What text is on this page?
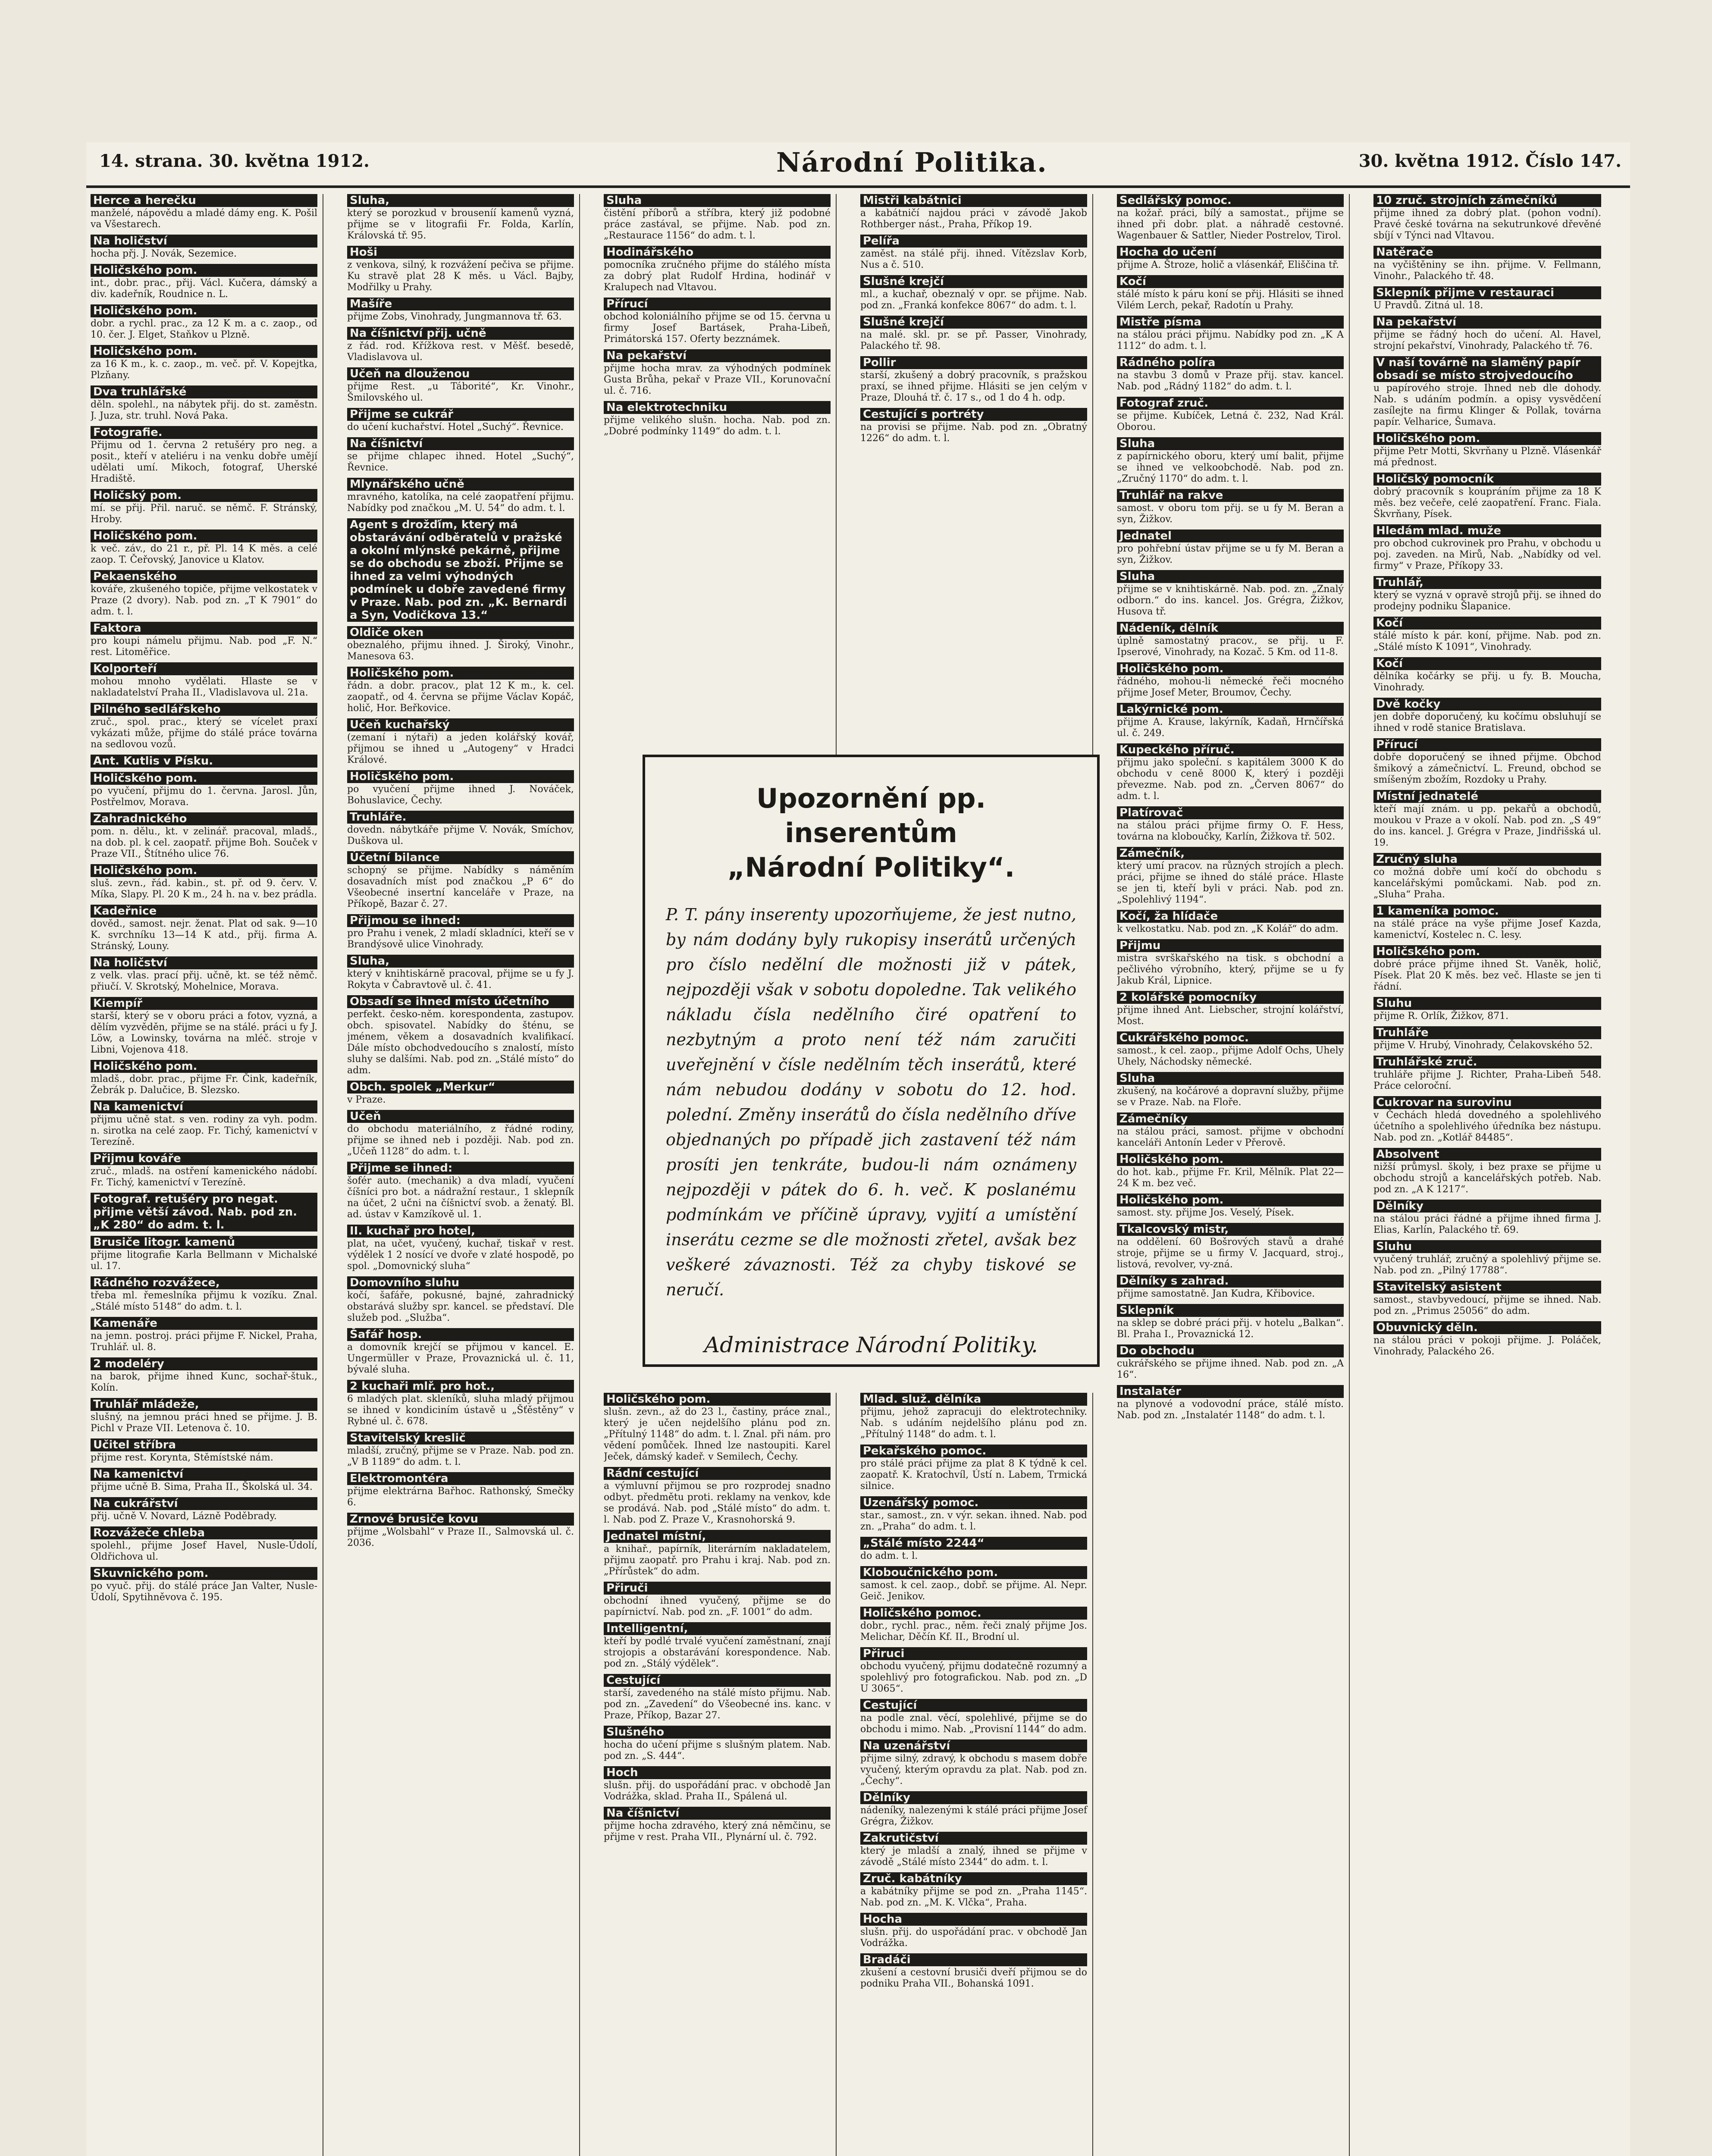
14. strana. 30. května 1912.	Národní Politika.	30. května 1912. Číslo 147.
Herce a herečku
manželé, nápovědu a mladé dámy eng. K. Pošil va Všestarech.
Na holičství
hocha přj. J. Novák, Sezemice.
Holičského pom.
int., dobr. prac., přij. Václ. Kučera, dámský a div. kadeřník, Roudnice n. L.
Holičského pom.
dobr. a rychl. prac., za 12 K m. a c. zaop., od 10. čer. J. Elget, Staňkov u Plzně.
Holičského pom.
za 16 K m., k. c. zaop., m. več. př. V. Kopejtka, Plzňany.
Dva truhlářské
děln. spolehl., na nábytek přij. do st. zaměstn. J. Juza, str. truhl. Nová Paka.
Fotografie.
Přijmu od 1. června 2 retušéry pro neg. a posit., kteří v ateliéru i na venku dobře umějí udělati umí. Mikoch, fotograf, Uherské Hradiště.
Holičský pom.
mí. se přij. Přil. naruč. se němč. F. Stránský, Hroby.
Holičského pom.
k več. záv., do 21 r., př. Pl. 14 K měs. a celé zaop. T. Čeřovský, Janovice u Klatov.
Pekaenského
kováře, zkušeného topiče, přijme velkostatek v Praze (2 dvory). Nab. pod zn. „T K 7901“ do adm. t. l.
Faktora
pro koupi námelu přijmu. Nab. pod „F. N.“ rest. Litoměřice.
Kolporteří
mohou mnoho vydělati. Hlaste se v nakladatelství Praha II., Vladislavova ul. 21a.
Pilného sedlářskeho
zruč., spol. prac., který se vícelet praxí vykázati může, přijme do stálé práce továrna na sedlovou vozů.
Ant. Kutlis v Písku.
Holičského pom.
po vyučení, přijmu do 1. června. Jarosl. Jůn, Postřelmov, Morava.
Zahradnického
pom. n. dělu., kt. v zelinář. pracoval, mladš., na dob. pl. k cel. zaopatř. přijme Boh. Souček v Praze VII., Štítného ulice 76.
Holičského pom.
sluš. zevn., řád. kabin., st. př. od 9. červ. V. Míka, Slapy. Pl. 20 K m., 24 h. na v. bez prádla.
Kadeřnice
dověd., samost. nejr. ženat. Plat od sak. 9—10 K. svrchníku 13—14 K atd., přij. firma A. Stránský, Louny.
Na holičství
z velk. vlas. prací přij. učně, kt. se též němč. přiučí. V. Skrotský, Mohelnice, Morava.
Kiempíř
starší, který se v oboru práci a fotov, vyzná, a dělím vyzvěděn, přijme se na stálé. práci u fy J. Löw, a Lowinsky, továrna na mléč. stroje v Libni, Vojenova 418.
Holičského pom.
mladš., dobr. prac., přijme Fr. Čink, kadeřník, Žebrák p. Dalučice, B. Slezsko.
Na kamenictví
přijmu učně stat. s ven. rodiny za vyh. podm. n. sirotka na celé zaop. Fr. Tichý, kamenictví v Terezíně.
Přijmu kováře
zruč., mladš. na ostření kamenického nádobí. Fr. Tichý, kamenictví v Terezíně.
Fotograf. retušéry pro negat. přijme větší závod. Nab. pod zn. „K 280“ do adm. t. l.
Brusiče litogr. kamenů
přijme litografie Karla Bellmann v Michalské ul. 17.
Rádného rozvážece,
třeba ml. řemeslníka přijmu k vozíku. Znal. „Stálé místo 5148“ do adm. t. l.
Kamenáře
na jemn. postroj. práci přijme F. Nickel, Praha, Truhlář. ul. 8.
2 modeléry
na barok, přijme ihned Kunc, sochař-štuk., Kolín.
Truhlář mládeže,
slušný, na jemnou práci hned se přijme. J. B. Pichl v Praze VII. Letenova č. 10.
Učitel stříbra
přijme rest. Korynta, Stěmístské nám.
Na kamenictví
přijme učně B. Sima, Praha II., Školská ul. 34.
Na cukrářství
přij. učně V. Novard, Lázně Poděbrady.
Rozvážeče chleba
spolehl., přijme Josef Havel, Nusle-Údolí, Oldřichova ul.
Skuvnického pom.
po vyuč. přij. do stálé práce Jan Valter, Nusle-Údolí, Spytihněvova č. 195.
Sluha,
který se porozkud v brouseníí kamenů vyzná, přijme se v litografii Fr. Folda, Karlín, Královská tř. 95.
Hoši
z venkova, silný, k rozvážení pečiva se přijme. Ku stravě plat 28 K měs. u Václ. Bajby, Modřilky u Prahy.
Mašíře
přijme Zobs, Vinohrady, Jungmannova tř. 63.
Na číšnictví přij. učně
z řád. rod. Křížkova rest. v Měšť. besedě, Vladislavova ul.
Učeň na dlouženou
přijme Rest. „u Táborité“, Kr. Vinohr., Šmilovského ul.
Přijme se cukrář
do učení kuchařství. Hotel „Suchý“. Řevnice.
Na číšnictví
se přijme chlapec ihned. Hotel „Suchý“, Řevnice.
Mlynářského učně
mravného, katolíka, na celé zaopatření přijmu. Nabídky pod značkou „M. U. 54“ do adm. t. l.
Agent s drožďím, který má obstarávání odběratelů v pražské a okolní mlýnské pekárně, přijme se do obchodu se zboží. Přijme se ihned za velmi výhodných podmínek u dobře zavedené firmy v Praze. Nab. pod zn. „K. Bernardi a Syn, Vodičkova 13.“
Oldiče oken
obeznalého, přijmu ihned. J. Široký, Vinohr., Manesova 63.
Holičského pom.
řádn. a dobr. pracov., plat 12 K m., k. cel. zaopatř., od 4. června se přijme Václav Kopáč, holič, Hor. Beřkovice.
Učeň kuchařský
(zemaní i nýtaři) a jeden kolářský kovář, přijmou se ihned u „Autogeny“ v Hradci Králové.
Holičského pom.
po vyučení přijme ihned J. Nováček, Bohuslavice, Čechy.
Truhláře.
dovedn. nábytkáře přijme V. Novák, Smíchov, Duškova ul.
Účetní bilance
schopný se přijme. Nabídky s náměním dosavadních míst pod značkou „P 6“ do Všeobecné insertní kanceláře v Praze, na Příkopě, Bazar č. 27.
Přijmou se ihned:
pro Prahu i venek, 2 mladí skladníci, kteří se v Brandýsově ulice Vinohrady.
Sluha,
který v knihtiskárně pracoval, přijme se u fy J. Rokyta v Čabravtově ul. č. 41.
Obsadí se ihned místo účetního
perfekt. česko-něm. korespondenta, zastupov. obch. spisovatel. Nabídky do šténu, se jménem, věkem a dosavadních kvalifikací. Dále místo obchodvedoucího s znalostí, místo sluhy se dalšími. Nab. pod zn. „Stálé místo“ do adm.
Obch. spolek „Merkur“
v Praze.
Učeň
do obchodu materiálního, z řádné rodiny, přijme se ihned neb i později. Nab. pod zn. „Učeň 1128“ do adm. t. l.
Přijme se ihned:
šofér auto. (mechanik) a dva mladí, vyučení číšníci pro bot. a nádražní restaur., 1 sklepník na účet, 2 učni na číšnictví svob. a ženatý. Bl. ad. ústav v Kamzíkově ul. 1.
II. kuchař pro hotel,
plat, na učet, vyučený, kuchař, tiskař v rest. výdělek 1 2 nosící ve dvoře v zlaté hospodě, po spol. „Domovnický sluha“
Domovního sluhu
kočí, šafáře, pokusné, bajné, zahradnický obstarává služby spr. kancel. se představí. Dle služeb pod. „Služba“.
Šafář hosp.
a domovník krejčí se přijmou v kancel. E. Ungermüller v Praze, Provaznická ul. č. 11, bývalé sluha.
2 kuchaři mlř. pro hot.,
6 mladých plat. skleníků, sluha mladý přijmou se ihned v kondiciním ústavě u „Šťěstěny“ v Rybné ul. č. 678.
Stavitelský kreslič
mladší, zručný, přijme se v Praze. Nab. pod zn. „V B 1189“ do adm. t. l.
Elektromontéra
přijme elektrárna Bařhoc. Rathonský, Smečky 6.
Zrnové brusiče kovu
přijme „Wolsbahl“ v Praze II., Salmovská ul. č. 2036.
Sluha
čistění příborů a stříbra, který již podobné práce zastával, se přijme. Nab. pod zn. „Restaurace 1156“ do adm. t. l.
Hodinářského
pomocníka zručného přijme do stálého místa za dobrý plat Rudolf Hrdina, hodinář v Kralupech nad Vltavou.
Přírucí
obchod koloniálního přijme se od 15. června u firmy Josef Bartásek, Praha-Libeň, Primátorská 157. Oferty bezznámek.
Na pekařství
přijme hocha mrav. za výhodných podmínek Gusta Brůha, pekař v Praze VII., Korunovační ul. č. 716.
Na elektrotechniku
přijme velikého slušn. hocha. Nab. pod zn. „Dobré podmínky 1149“ do adm. t. l.
Mistři kabátnici
a kabátničí najdou práci v závodě Jakob Rothberger nást., Praha, Příkop 19.
Pelířa
zaměst. na stálé přij. ihned. Vítězslav Korb, Nus a č. 510.
Slušné krejčí
ml., a kuchař, obeznalý v opr. se přijme. Nab. pod zn. „Franká konfekce 8067“ do adm. t. l.
Slušné krejčí
na malé. skl. pr. se př. Passer, Vinohrady, Palackého tř. 98.
Pollir
starší, zkušený a dobrý pracovník, s pražskou praxí, se ihned přijme. Hlásiti se jen celým v Praze, Dlouhá tř. č. 17 s., od 1 do 4 h. odp.
Cestující s portréty
na provisi se přijme. Nab. pod zn. „Obratný 1226“ do adm. t. l.
Sedlářský pomoc.
na kožař. práci, bílý a samostat., přijme se ihned při dobr. plat. a náhradě cestovné. Wagenbauer & Sattler, Nieder Postrelov, Tirol.
Hocha do učení
přijme A. Štroze, holič a vlásenkář, Eliščina tř.
Kočí
stálé místo k páru koní se přij. Hlásiti se ihned Vilém Lerch, pekař, Radotín u Prahy.
Mistře písma
na stálou práci přijmu. Nabídky pod zn. „K A 1112“ do adm. t. l.
Rádného políra
na stavbu 3 domů v Praze přij. stav. kancel. Nab. pod „Rádný 1182“ do adm. t. l.
Fotograf zruč.
se přijme. Kubíček, Letná č. 232, Nad Král. Oborou.
Sluha
z papírnického oboru, který umí balit, přijme se ihned ve velkoobchodě. Nab. pod zn. „Zručný 1170“ do adm. t. l.
Truhlář na rakve
samost. v oboru tom přij. se u fy M. Beran a syn, Žižkov.
Jednatel
pro pohřební ústav přijme se u fy M. Beran a syn, Žižkov.
Sluha
přijme se v knihtiskárně. Nab. pod. zn. „Znalý odborn.“ do ins. kancel. Jos. Grégra, Žižkov, Husova tř.
Nádeník, dělník
úplně samostatný pracov., se přij. u F. Ipserové, Vinohrady, na Kozač. 5 Km. od 11-8.
Holičského pom.
řádného, mohou-li německé řeči mocného přijme Josef Meter, Broumov, Čechy.
Lakýrnické pom.
přijme A. Krause, lakýrník, Kadaň, Hrnčířská ul. č. 249.
Kupeckého příruč.
přijmu jako společní. s kapitálem 3000 K do obchodu v ceně 8000 K, který i později převezme. Nab. pod zn. „Červen 8067“ do adm. t. l.
Platírovač
na stálou práci přijme firmy O. F. Hess, továrna na kloboučky, Karlín, Žižkova tř. 502.
Zámečník,
který umí pracov. na různých strojích a plech. práci, přijme se ihned do stálé práce. Hlaste se jen ti, kteří byli v práci. Nab. pod zn. „Spolehlivý 1194“.
Kočí, ža hlídače
k velkostatku. Nab. pod zn. „K Kolář“ do adm.
Přijmu
mistra svrškařského na tisk. s obchodní a pečlivého výrobního, který, přijme se u fy Jakub Král, Lipnice.
2 kolářské pomocníky
přijme ihned Ant. Liebscher, strojní kolářství, Most.
Cukrářského pomoc.
samost., k cel. zaop., přijme Adolf Ochs, Uhely Uhely, Náchodsky německé.
Sluha
zkušený, na kočárové a dopravní služby, přijme se v Praze. Nab. na Floře.
Zámečníky
na stálou práci, samost. přijme v obchodní kanceláři Antonín Leder v Přerově.
Holičského pom.
do hot. kab., přijme Fr. Kril, Mělník. Plat 22—24 K m. bez več.
Holičského pom.
samost. sty. přijme Jos. Veselý, Písek.
Tkalcovský mistr,
na oddělení. 60 Bošrových stavů a drahé stroje, přijme se u firmy V. Jacquard, stroj., listová, revolver, vy-zná.
Dělníky s zahrad.
přijme samostatně. Jan Kudra, Křibovice.
Sklepník
na sklep se dobré práci přij. v hotelu „Balkan“. Bl. Praha I., Provaznická 12.
Do obchodu
cukrářského se přijme ihned. Nab. pod zn. „A 16“.
Instalatér
na plynové a vodovodní práce, stálé místo. Nab. pod zn. „Instalatér 1148“ do adm. t. l.
10 zruč. strojních zámečníků
přijme ihned za dobrý plat. (pohon vodní). Pravé české továrna na sekutrunkové dřevěné sbíjí v Týnci nad Vltavou.
Natěrače
na vyčištěniny se ihn. přijme. V. Fellmann, Vinohr., Palackého tř. 48.
Sklepník přijme v restauraci
U Pravdů. Zitná ul. 18.
Na pekařství
přijme se řádný hoch do učení. Al. Havel, strojní pekařství, Vinohrady, Palackého tř. 76.
V naší továrně na slaměný papír obsadí se místo strojvedoucího
u papírového stroje. Ihned neb dle dohody. Nab. s udáním podmín. a opisy vysvědčení zasílejte na firmu Klinger & Pollak, továrna papír. Velharice, Šumava.
Holičského pom.
přijme Petr Motti, Skvrňany u Plzně. Vlásenkář má přednost.
Holičský pomocník
dobrý pracovník s koupráním přijme za 18 K měs. bez večeře, celé zaopatření. Franc. Fiala. Škvrňany, Písek.
Hledám mlad. muže
pro obchod cukrovinek pro Prahu, v obchodu u poj. zaveden. na Mirů, Nab. „Nabídky od vel. firmy“ v Praze, Příkopy 33.
Truhlář,
který se vyzná v opravě strojů přij. se ihned do prodejny podniku Šlapanice.
Kočí
stálé místo k pár. koní, přijme. Nab. pod zn. „Stálé místo K 1091“, Vinohrady.
Kočí
dělníka kočárky se přij. u fy. B. Moucha, Vinohrady.
Dvě kočky
jen dobře doporučený, ku kočímu obsluhují se ihned v rodě stanice Bratislava.
Přírucí
dobře doporučený se ihned přijme. Obchod šmikový a zámečnictví. L. Freund, obchod se smíšeným zbožím, Rozdoky u Prahy.
Místní jednatelé
kteří mají znám. u pp. pekařů a obchodů, moukou v Praze a v okolí. Nab. pod zn. „S 49“ do ins. kancel. J. Grégra v Praze, Jindřišská ul. 19.
Zručný sluha
co možná dobře umí kočí do obchodu s kancelářskými pomůckami. Nab. pod zn. „Sluha“ Praha.
1 kameníka pomoc.
na stálé práce na vyše přijme Josef Kazda, kamenictví, Kostelec n. C. lesy.
Holičského pom.
dobré práce přijme ihned St. Vaněk, holič, Písek. Plat 20 K měs. bez več. Hlaste se jen ti řádní.
Sluhu
přijme R. Orlík, Žižkov, 871.
Truhláře
přijme V. Hrubý, Vinohrady, Čelakovského 52.
Truhlářské zruč.
truhláře přijme J. Richter, Praha-Libeň 548. Práce celoroční.
Cukrovar na surovinu
v Čechách hledá dovedného a spolehlivého účetního a spolehlivého úředníka bez nástupu. Nab. pod zn. „Kotlář 84485“.
Absolvent
nižší průmysl. školy, i bez praxe se přijme u obchodu strojů a kancelářských potřeb. Nab. pod zn. „A K 1217“.
Dělníky
na stálou práci řádné a přijme ihned firma J. Elias, Karlín, Palackého tř. 69.
Sluhu
vyučený truhlář, zručný a spolehlivý přijme se. Nab. pod zn. „Pilný 17788“.
Stavitelský asistent
samost., stavbyvedoucí, přijme se ihned. Nab. pod zn. „Primus 25056“ do adm.
Obuvnický děln.
na stálou práci v pokoji přijme. J. Poláček, Vinohrady, Palackého 26.
Upozornění pp. inserentům
„Národní Politiky“.
P. T. pány inserenty upozorňujeme, že jest nutno, by nám dodány byly rukopisy inserátů určených pro číslo nedělní dle možnosti již v pátek, nejpozději však v sobotu dopoledne. Tak velikého nákladu čísla nedělního čiré opatření to nezbytným a proto není též nám zaručiti uveřejnění v čísle nedělním těch inserátů, které nám nebudou dodány v sobotu do 12. hod. polední. Změny inserátů do čísla nedělního dříve objednaných po případě jich zastavení též nám prosíti jen tenkráte, budou-li nám oznámeny nejpozději v pátek do 6. h. več. K poslanému podmínkám ve příčině úpravy, vyjití a umístění inserátu cezme se dle možnosti zřetel, avšak bez veškeré závaznosti. Též za chyby tiskové se neručí.
Administrace Národní Politiky.
Holičského pom.
slušn. zevn., až do 23 l., častiny, práce znal., který je učen nejdelšího plánu pod zn. „Přítulný 1148“ do adm. t. l. Znal. při nám. pro vědení pomůček. Ihned lze nastoupiti. Karel Ječek, dámský kadeř. v Semilech, Čechy.
Rádní cestující
a výmluvní přijmou se pro rozprodej snadno odbyt. předmětu proti. reklamy na venkov, kde se prodává. Nab. pod „Stálé místo“ do adm. t. l. Nab. pod Z. Praze V., Krasnohorská 9.
Jednatel místní,
a knihař., papírník, literárním nakladatelem, přijmu zaopatř. pro Prahu i kraj. Nab. pod zn. „Přírůstek“ do adm.
Přiruči
obchodní ihned vyučený, přijme se do papírnictví. Nab. pod zn. „F. 1001“ do adm.
Intelligentní,
kteří by podlé trvalé vyučení zaměstnaní, znají strojopis a obstarávání korespondence. Nab. pod zn. „Stálý výdělek“.
Cestující
starší, zavedeného na stálé místo přijmu. Nab. pod zn. „Zavedení“ do Všeobecné ins. kanc. v Praze, Příkop, Bazar 27.
Slušného
hocha do učení přijme s slušným platem. Nab. pod zn. „S. 444“.
Hoch
slušn. přij. do uspořádání prac. v obchodě Jan Vodrážka, sklad. Praha II., Spálená ul.
Na číšnictví
přijme hocha zdravého, který zná němčinu, se přijme v rest. Praha VII., Plynární ul. č. 792.
Mlad. služ. dělníka
přijmu, jehož zapracuji do elektrotechniky. Nab. s udáním nejdelšího plánu pod zn. „Přítulný 1148“ do adm. t. l.
Pekařského pomoc.
pro stálé práci přijme za plat 8 K týdně k cel. zaopatř. K. Kratochvíl, Ústí n. Labem, Trmická silnice.
Uzenářský pomoc.
star., samost., zn. v výr. sekan. ihned. Nab. pod zn. „Praha“ do adm. t. l.
„Stálé místo 2244“
do adm. t. l.
Kloboučnického pom.
samost. k cel. zaop., dobř. se přijme. Al. Nepr. Geič. Jenikov.
Holičského pomoc.
dobr., rychl. prac., něm. řeči znalý přijme Jos. Melichar, Děčín Kf. II., Brodní ul.
Přiruci
obchodu vyučený, přijmu dodatečně rozumný a spolehlivý pro fotografickou. Nab. pod zn. „D U 3065“.
Cestující
na podle znal. věcí, spolehlivé, přijme se do obchodu i mimo. Nab. „Provisní 1144“ do adm.
Na uzenářství
přijme silný, zdravý, k obchodu s masem dobře vyučený, kterým opravdu za plat. Nab. pod zn. „Čechy“.
Dělníky
nádeníky, nalezenými k stálé práci přijme Josef Grégra, Žižkov.
Zakrutičství
který je mladší a znalý, ihned se přijme v závodě „Stálé místo 2344“ do adm. t. l.
Zruč. kabátníky
a kabátníky přijme se pod zn. „Praha 1145“. Nab. pod zn. „M. K. Vlčka“, Praha.
Hocha
slušn. přij. do uspořádání prac. v obchodě Jan Vodrážka.
Bradáči
zkušení a cestovní brusiči dveří přijmou se do podniku Praha VII., Bohanská 1091.
